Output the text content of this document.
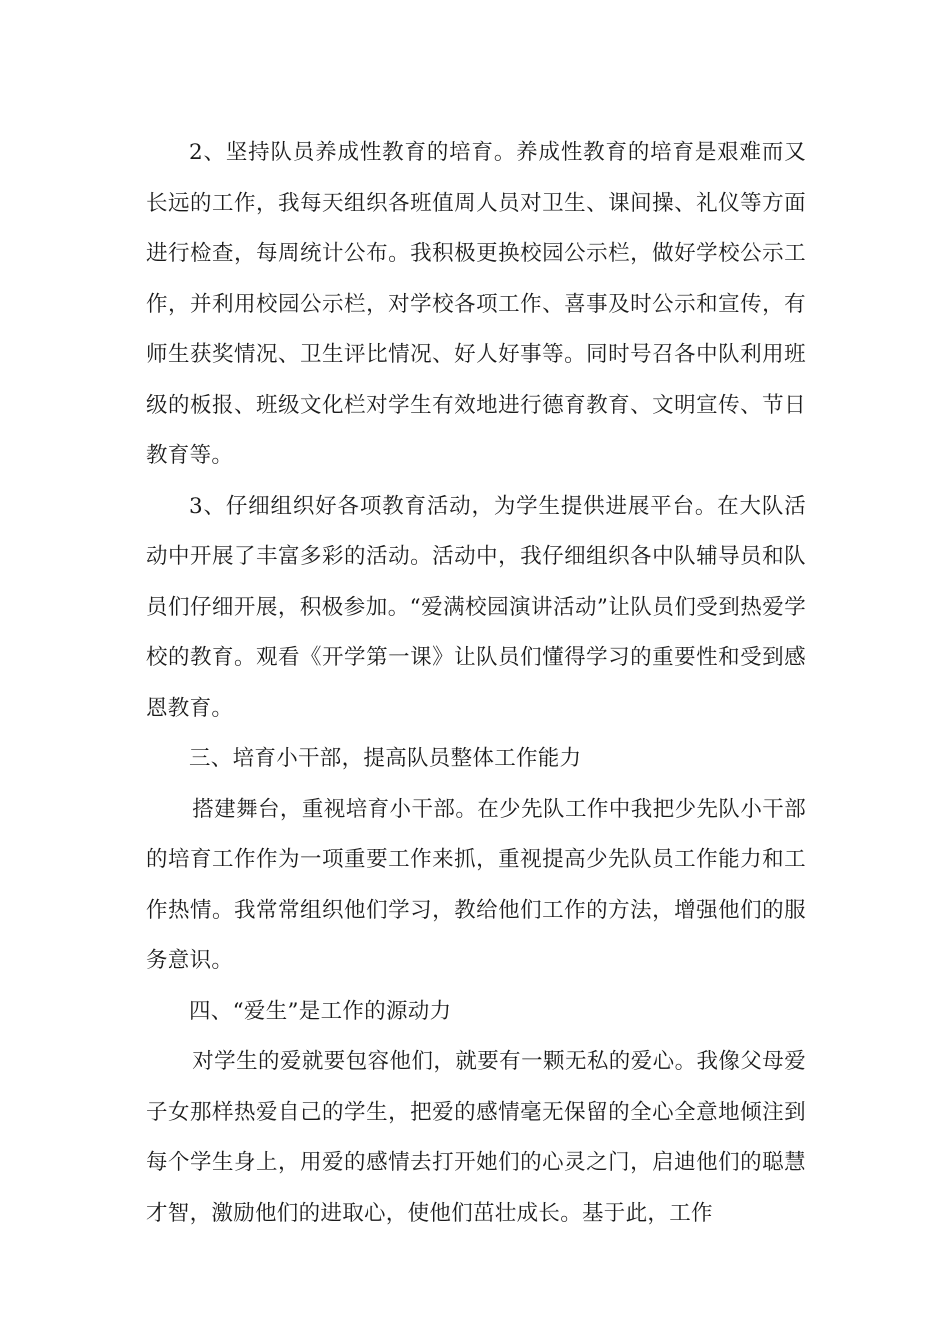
2、坚持队员养成性教育的培育。养成性教育的培育是艰难而又长远的工作，我每天组织各班值周人员对卫生、课间操、礼仪等方面进行检查，每周统计公布。我积极更换校园公示栏，做好学校公示工作，并利用校园公示栏，对学校各项工作、喜事及时公示和宣传，有师生获奖情况、卫生评比情况、好人好事等。同时号召各中队利用班级的板报、班级文化栏对学生有效地进行德育教育、文明宣传、节日教育等。

3、仔细组织好各项教育活动，为学生提供进展平台。在大队活动中开展了丰富多彩的活动。活动中，我仔细组织各中队辅导员和队员们仔细开展，积极参加。“爱满校园演讲活动”让队员们受到热爱学校的教育。观看《开学第一课》让队员们懂得学习的重要性和受到感恩教育。

三、培育小干部，提高队员整体工作能力

搭建舞台，重视培育小干部。在少先队工作中我把少先队小干部的培育工作作为一项重要工作来抓，重视提高少先队员工作能力和工作热情。我常常组织他们学习，教给他们工作的方法，增强他们的服务意识。

四、“爱生”是工作的源动力

对学生的爱就要包容他们，就要有一颗无私的爱心。我像父母爱子女那样热爱自己的学生，把爱的感情毫无保留的全心全意地倾注到每个学生身上，用爱的感情去打开她们的心灵之门，启迪他们的聪慧才智，激励他们的进取心，使他们茁壮成长。基于此，工作
